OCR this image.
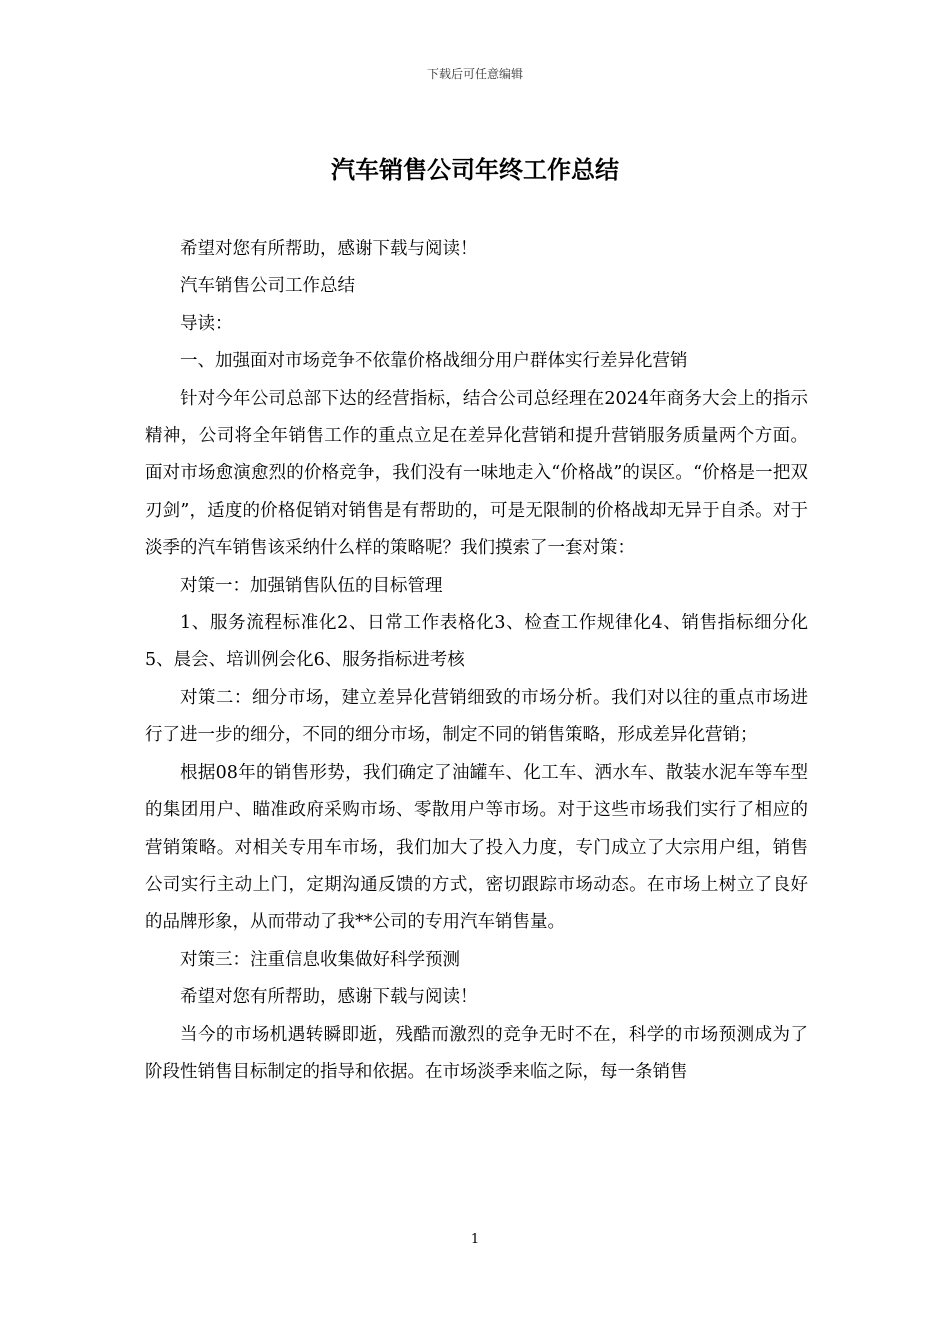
下载后可任意编辑
汽车销售公司年终工作总结

希望对您有所帮助，感谢下载与阅读！

汽车销售公司工作总结

导读：

一、加强面对市场竞争不依靠价格战细分用户群体实行差异化营销

针对今年公司总部下达的经营指标，结合公司总经理在2024年商务大会上的指示精神，公司将全年销售工作的重点立足在差异化营销和提升营销服务质量两个方面。面对市场愈演愈烈的价格竞争，我们没有一味地走入“价格战”的误区。“价格是一把双刃剑”，适度的价格促销对销售是有帮助的，可是无限制的价格战却无异于自杀。对于淡季的汽车销售该采纳什么样的策略呢？我们摸索了一套对策：

对策一：加强销售队伍的目标管理

1、服务流程标准化2、日常工作表格化3、检查工作规律化4、销售指标细分化5、晨会、培训例会化6、服务指标进考核

对策二：细分市场，建立差异化营销细致的市场分析。我们对以往的重点市场进行了进一步的细分，不同的细分市场，制定不同的销售策略，形成差异化营销；

根据08年的销售形势，我们确定了油罐车、化工车、洒水车、散装水泥车等车型的集团用户、瞄准政府采购市场、零散用户等市场。对于这些市场我们实行了相应的营销策略。对相关专用车市场，我们加大了投入力度，专门成立了大宗用户组，销售公司实行主动上门，定期沟通反馈的方式，密切跟踪市场动态。在市场上树立了良好的品牌形象，从而带动了我**公司的专用汽车销售量。

对策三：注重信息收集做好科学预测

希望对您有所帮助，感谢下载与阅读！

当今的市场机遇转瞬即逝，残酷而激烈的竞争无时不在，科学的市场预测成为了阶段性销售目标制定的指导和依据。在市场淡季来临之际，每一条销售

1
